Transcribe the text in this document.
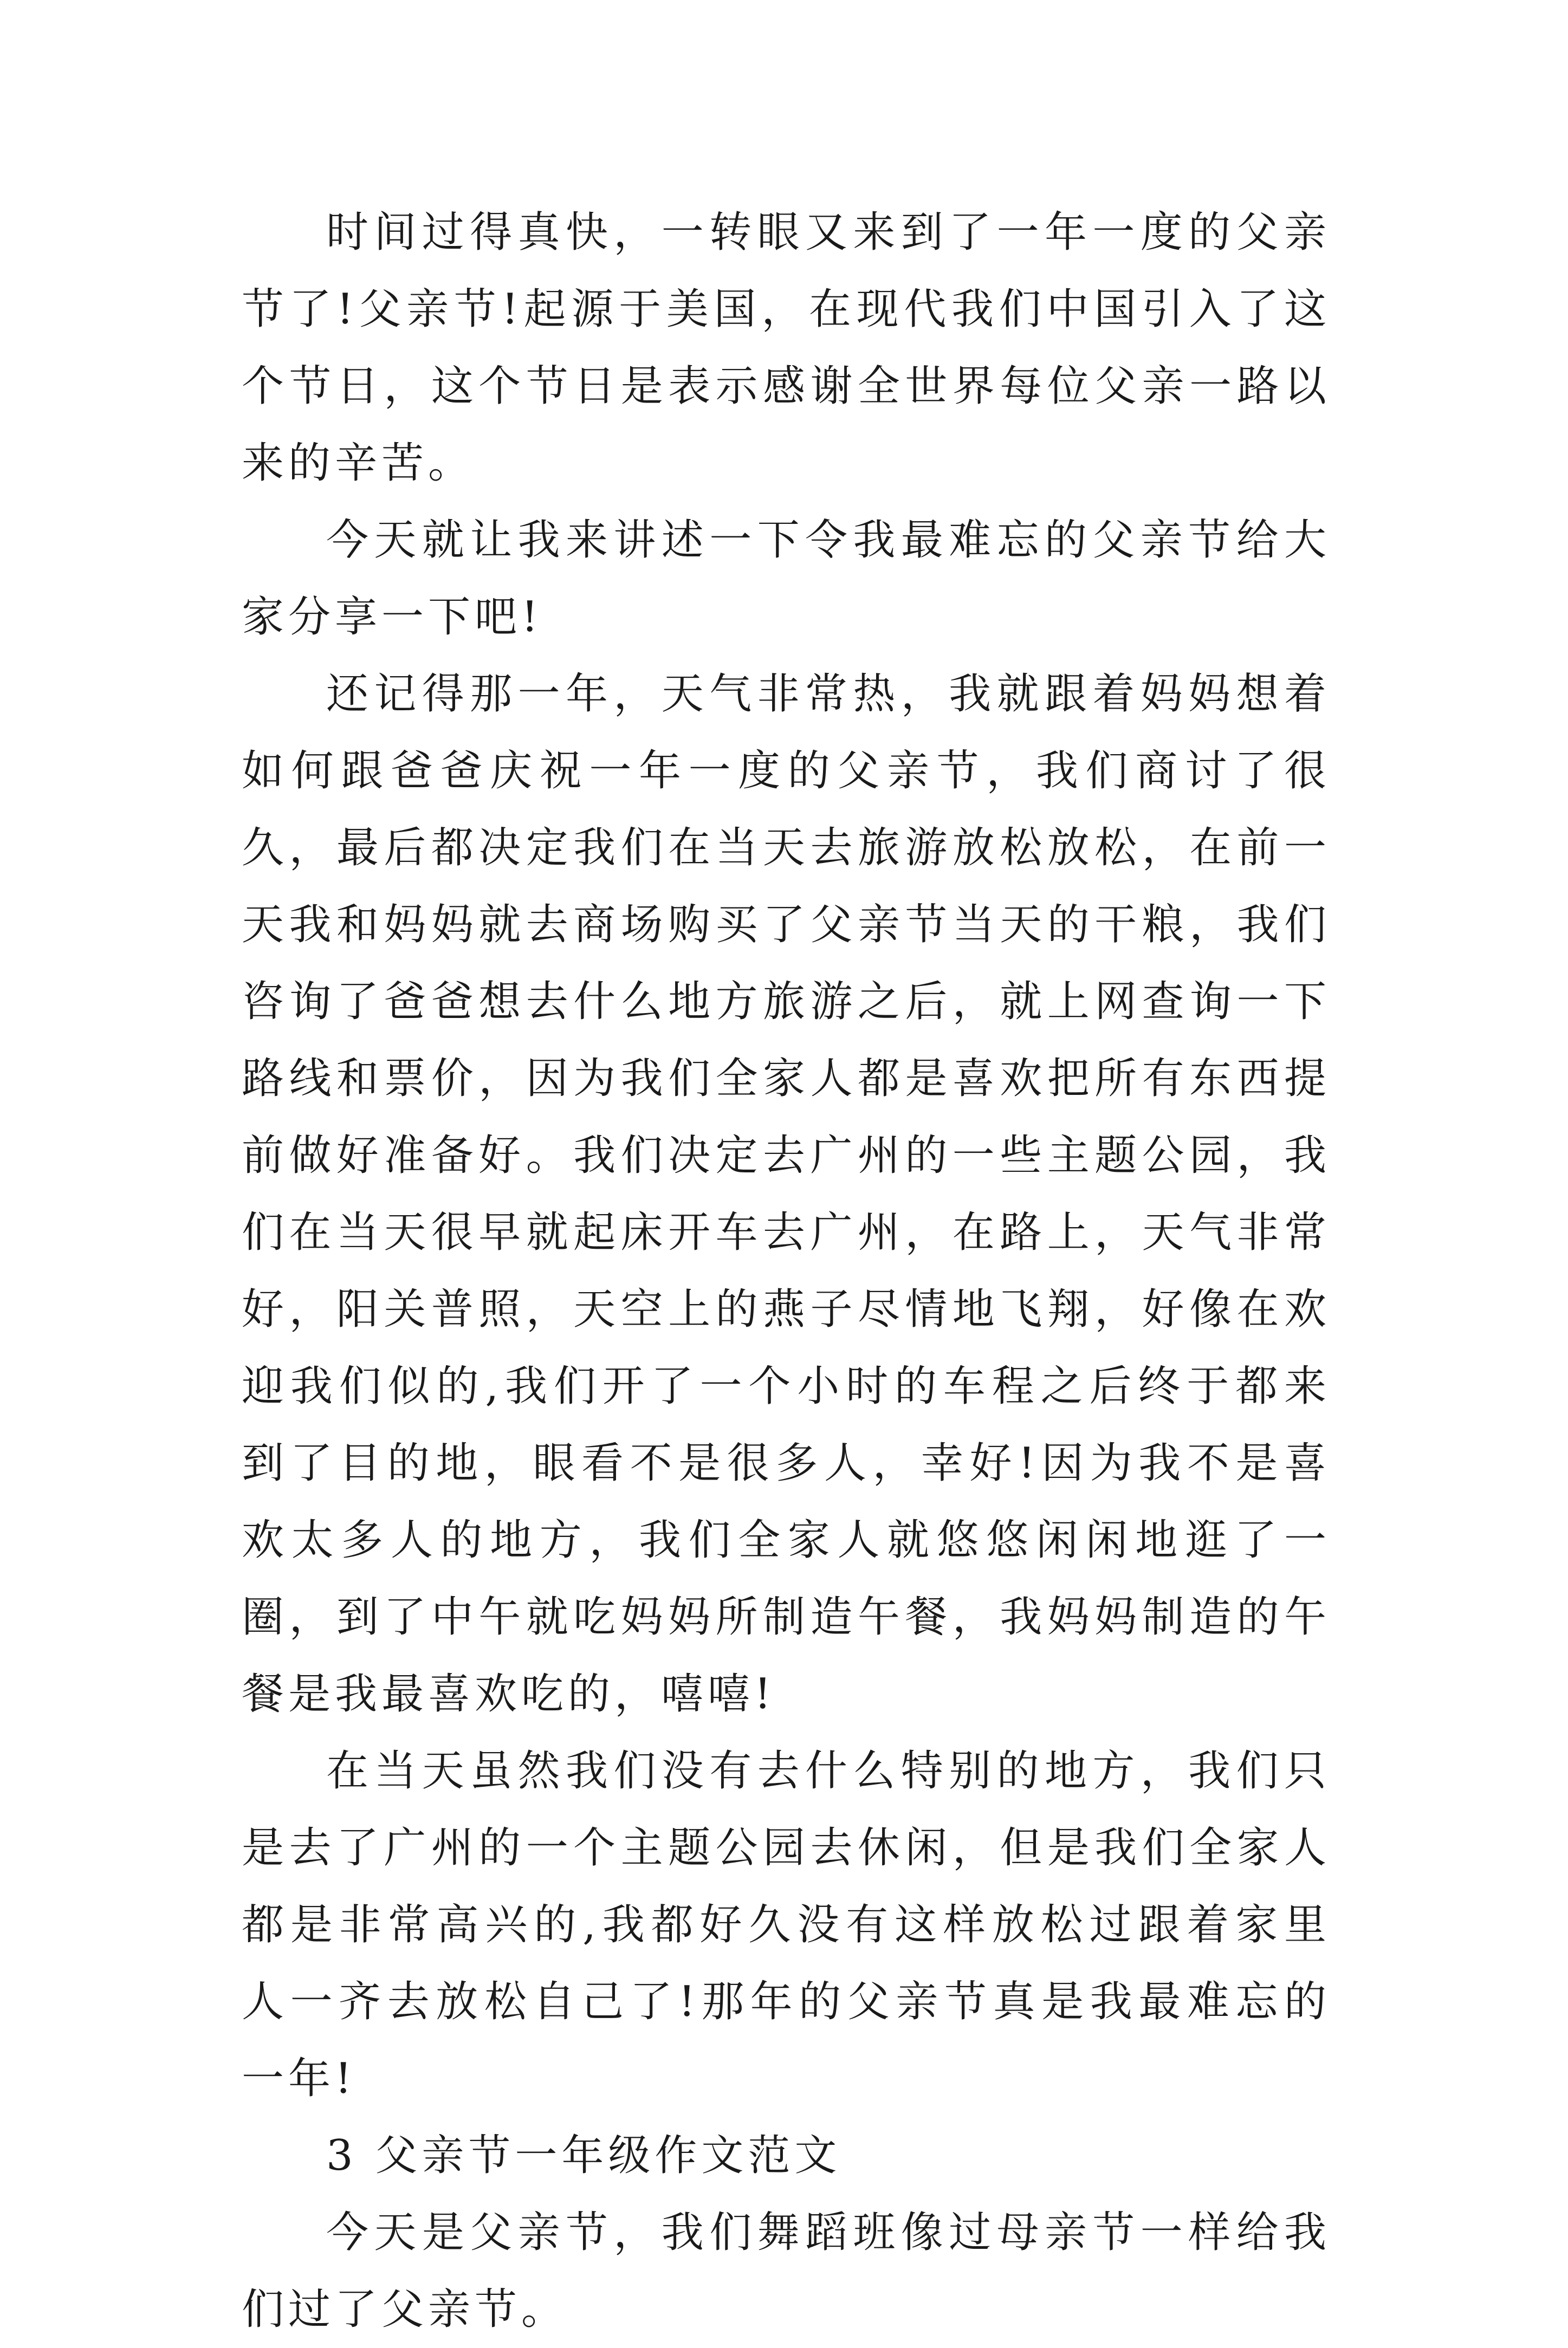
时间过得真快，一转眼又来到了一年一度的父亲节了!父亲节!起源于美国，在现代我们中国引入了这个节日，这个节日是表示感谢全世界每位父亲一路以来的辛苦。

今天就让我来讲述一下令我最难忘的父亲节给大家分享一下吧!

还记得那一年，天气非常热，我就跟着妈妈想着如何跟爸爸庆祝一年一度的父亲节，我们商讨了很久，最后都决定我们在当天去旅游放松放松，在前一天我和妈妈就去商场购买了父亲节当天的干粮，我们咨询了爸爸想去什么地方旅游之后，就上网查询一下路线和票价，因为我们全家人都是喜欢把所有东西提前做好准备好。我们决定去广州的一些主题公园，我们在当天很早就起床开车去广州，在路上，天气非常好，阳关普照，天空上的燕子尽情地飞翔，好像在欢迎我们似的,我们开了一个小时的车程之后终于都来到了目的地，眼看不是很多人，幸好!因为我不是喜欢太多人的地方，我们全家人就悠悠闲闲地逛了一圈，到了中午就吃妈妈所制造午餐，我妈妈制造的午餐是我最喜欢吃的，嘻嘻!

在当天虽然我们没有去什么特别的地方，我们只是去了广州的一个主题公园去休闲，但是我们全家人都是非常高兴的,我都好久没有这样放松过跟着家里人一齐去放松自己了!那年的父亲节真是我最难忘的一年!

3 父亲节一年级作文范文

今天是父亲节，我们舞蹈班像过母亲节一样给我们过了父亲节。
